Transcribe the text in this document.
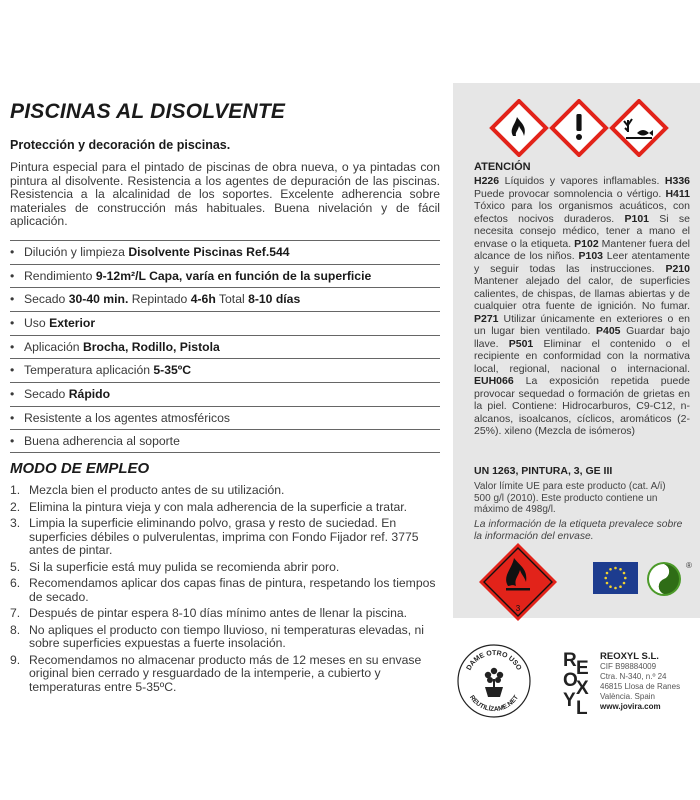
PISCINAS AL DISOLVENTE
Protección y decoración de piscinas.
Pintura especial para el pintado de piscinas de obra nueva, o ya pintadas con pintura al disolvente. Resistencia a los agentes de depuración de las piscinas. Resistencia a la alcalinidad de los soportes. Excelente adherencia sobre materiales de construcción más habituales. Buena nivelación y de fácil aplicación.
• Dilución y limpieza Disolvente Piscinas Ref.544
• Rendimiento 9-12m²/L Capa, varía en función de la superficie
• Secado 30-40 min. Repintado 4-6h Total 8-10 días
• Uso Exterior
• Aplicación Brocha, Rodillo, Pistola
• Temperatura aplicación 5-35ºC
• Secado Rápido
• Resistente a los agentes atmosféricos
• Buena adherencia al soporte
MODO DE EMPLEO
1. Mezcla bien el producto antes de su utilización.
2. Elimina la pintura vieja y con mala adherencia de la superficie a tratar.
3. Limpia la superficie eliminando polvo, grasa y resto de suciedad. En superficies débiles o pulverulentas, imprima con Fondo Fijador ref. 3775 antes de pintar.
5. Si la superficie está muy pulida se recomienda abrir poro.
6. Recomendamos aplicar dos capas finas de pintura, respetando los tiempos de secado.
7. Después de pintar espera 8-10 días mínimo antes de llenar la piscina.
8. No apliques el producto con tiempo lluvioso, ni temperaturas elevadas, ni sobre superficies expuestas a fuerte insolación.
9. Recomendamos no almacenar producto más de 12 meses en su envase original bien cerrado y resguardado de la intemperie, a cubierto y temperaturas entre 5-35ºC.
ATENCIÓN
H226 Líquidos y vapores inflamables. H336 Puede provocar somnolencia o vértigo. H411 Tóxico para los organismos acuáticos, con efectos nocivos duraderos. P101 Si se necesita consejo médico, tener a mano el envase o la etiqueta. P102 Mantener fuera del alcance de los niños. P103 Leer atentamente y seguir todas las instrucciones. P210 Mantener alejado del calor, de superficies calientes, de chispas, de llamas abiertas y de cualquier otra fuente de ignición. No fumar. P271 Utilizar únicamente en exteriores o en un lugar bien ventilado. P405 Guardar bajo llave. P501 Eliminar el contenido o el recipiente en conformidad con la normativa local, regional, nacional o internacional. EUH066 La exposición repetida puede provocar sequedad o formación de grietas en la piel. Contiene: Hidrocarburos, C9-C12, n-alcanos, isoalcanos, cíclicos, aromáticos (2-25%). xileno (Mezcla de isómeros)
UN 1263, PINTURA, 3, GE III
Valor límite UE para este producto (cat. A/i) 500 g/l (2010). Este producto contiene un máximo de 498g/l.
La información de la etiqueta prevalece sobre la información del envase.
3
®
DAME OTRO USO
REUTILÍZAME.NET
R E
O
X
Y L
REOXYL S.L.
CIF B98884009
Ctra. N-340, n.º 24
46815 Llosa de Ranes
València. Spain
www.jovira.com
